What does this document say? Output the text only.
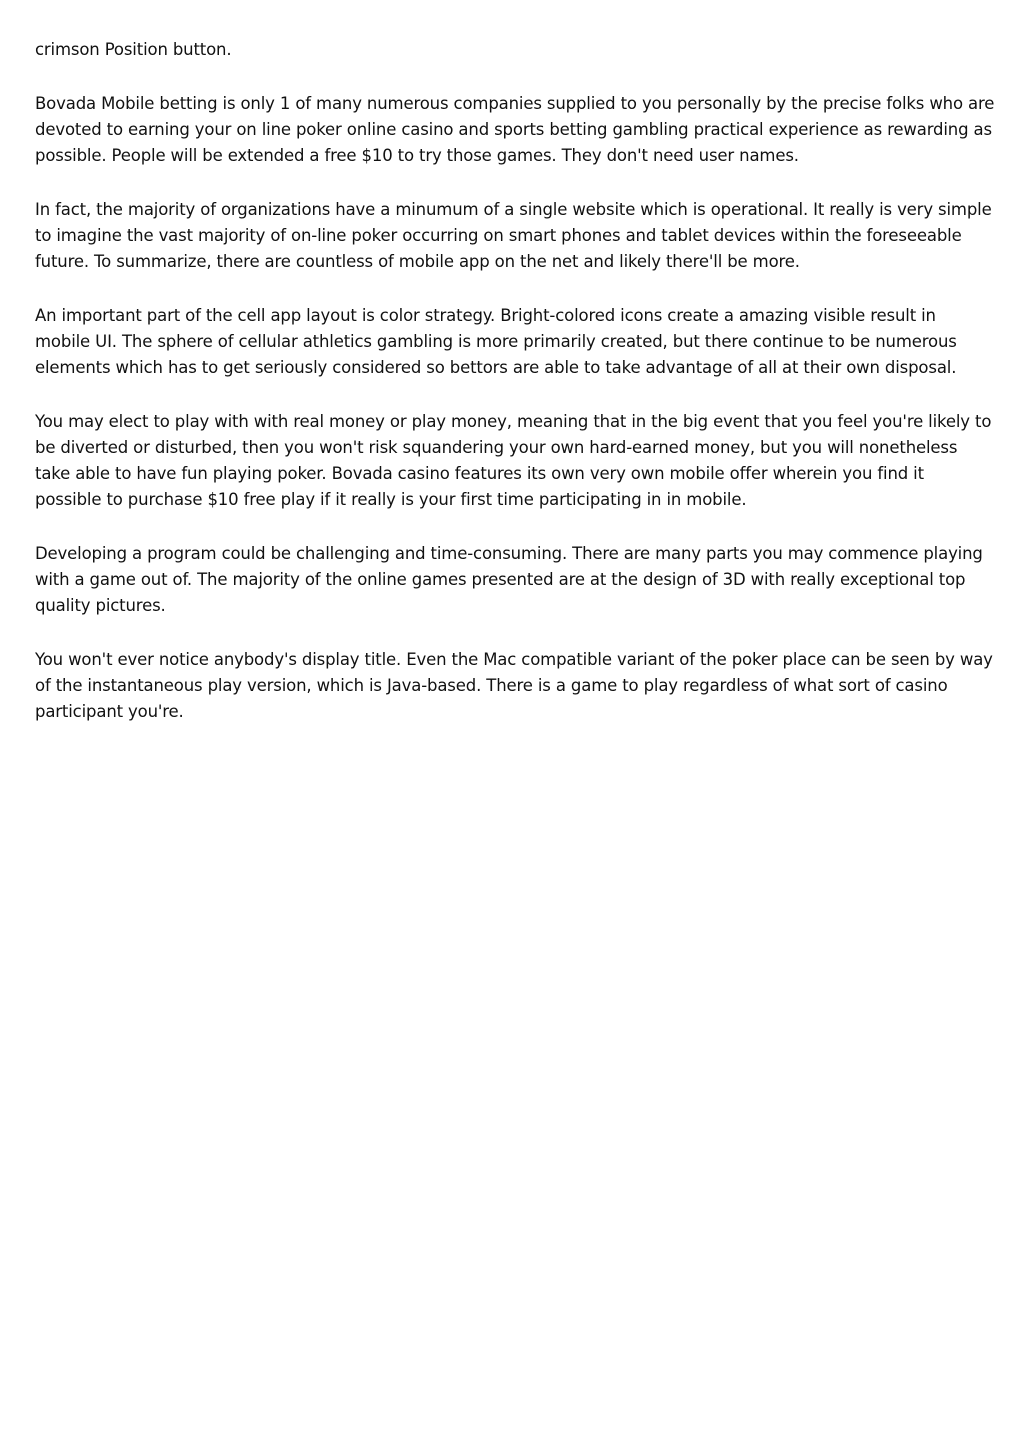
crimson Position button.

Bovada Mobile betting is only 1 of many numerous companies supplied to you personally by the precise folks who are devoted to earning your on line poker online casino and sports betting gambling practical experience as rewarding as possible. People will be extended a free $10 to try those games. They don't need user names.

In fact, the majority of organizations have a minumum of a single website which is operational. It really is very simple to imagine the vast majority of on-line poker occurring on smart phones and tablet devices within the foreseeable future. To summarize, there are countless of mobile app on the net and likely there'll be more.

An important part of the cell app layout is color strategy. Bright-colored icons create a amazing visible result in mobile UI. The sphere of cellular athletics gambling is more primarily created, but there continue to be numerous elements which has to get seriously considered so bettors are able to take advantage of all at their own disposal.

You may elect to play with with real money or play money, meaning that in the big event that you feel you're likely to be diverted or disturbed, then you won't risk squandering your own hard-earned money, but you will nonetheless take able to have fun playing poker. Bovada casino features its own very own mobile offer wherein you find it possible to purchase $10 free play if it really is your first time participating in in mobile.

Developing a program could be challenging and time-consuming. There are many parts you may commence playing with a game out of. The majority of the online games presented are at the design of 3D with really exceptional top quality pictures.

You won't ever notice anybody's display title. Even the Mac compatible variant of the poker place can be seen by way of the instantaneous play version, which is Java-based. There is a game to play regardless of what sort of casino participant you're.
